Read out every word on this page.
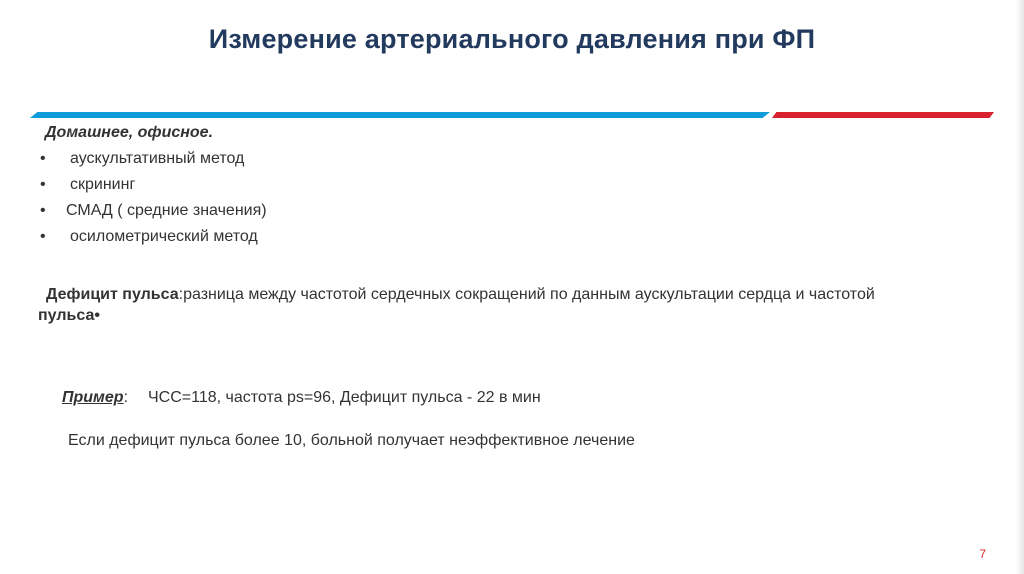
Измерение артериального давления при ФП
Домашнее, офисное.
• аускультативный метод
• скрининг
• СМАД ( средние значения)
• осилометрический метод
Дефицит пульса:разница между частотой сердечных сокращений по данным аускультации сердца и частотой пульса•
Пример: ЧСС=118, частота ps=96, Дефицит пульса - 22 в мин
Если дефицит пульса более 10, больной получает неэффективное лечение
7
